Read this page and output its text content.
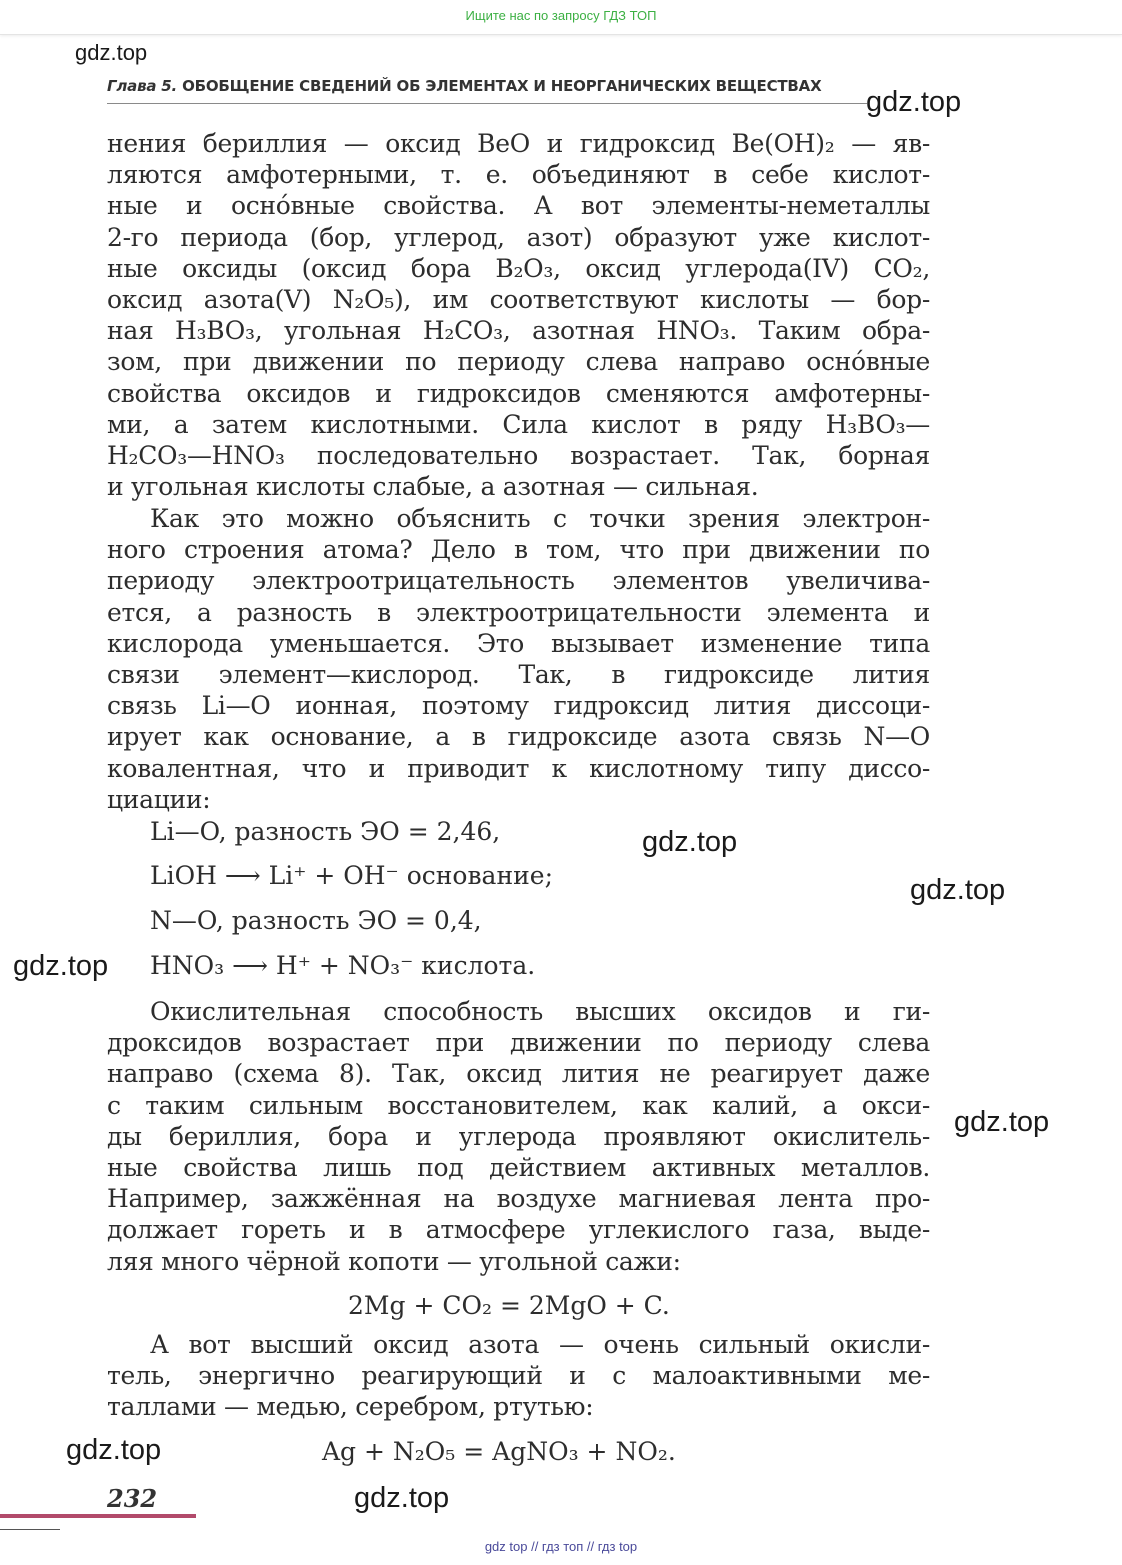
Ищите нас по запросу ГДЗ ТОП
Глава 5. ОБОБЩЕНИЕ СВЕДЕНИЙ ОБ ЭЛЕМЕНТАХ И НЕОРГАНИЧЕСКИХ ВЕЩЕСТВАХ
нения бериллия — оксид BeO и гидроксид Be(OH)₂ — яв-
ляются амфотерными, т. е. объединяют в себе кислот-
ные и оснóвные свойства. А вот элементы-неметаллы
2-го периода (бор, углерод, азот) образуют уже кислот-
ные оксиды (оксид бора B₂O₃, оксид углерода(IV) CO₂,
оксид азота(V) N₂O₅), им соответствуют кислоты — бор-
ная H₃BO₃, угольная H₂CO₃, азотная HNO₃. Таким обра-
зом, при движении по периоду слева направо оснóвные
свойства оксидов и гидроксидов сменяются амфотерны-
ми, а затем кислотными. Сила кислот в ряду H₃BO₃—
H₂CO₃—HNO₃ последовательно возрастает. Так, борная
и угольная кислоты слабые, а азотная — сильная.
Как это можно объяснить с точки зрения электрон-
ного строения атома? Дело в том, что при движении по
периоду электроотрицательность элементов увеличива-
ется, а разность в электроотрицательности элемента и
кислорода уменьшается. Это вызывает изменение типа
связи элемент—кислород. Так, в гидроксиде лития
связь Li—O ионная, поэтому гидроксид лития диссоци-
ирует как основание, а в гидроксиде азота связь N—O
ковалентная, что и приводит к кислотному типу диссо-
циации:
Li—O, разность ЭО = 2,46,
LiOH ⟶ Li⁺ + OH⁻ основание;
N—O, разность ЭО = 0,4,
HNO₃ ⟶ H⁺ + NO₃⁻ кислота.
Окислительная способность высших оксидов и ги-
дроксидов возрастает при движении по периоду слева
направо (схема 8). Так, оксид лития не реагирует даже
с таким сильным восстановителем, как калий, а окси-
ды бериллия, бора и углерода проявляют окислитель-
ные свойства лишь под действием активных металлов.
Например, зажжённая на воздухе магниевая лента про-
должает гореть и в атмосфере углекислого газа, выде-
ляя много чёрной копоти — угольной сажи:
2Mg + CO₂ = 2MgO + C.
А вот высший оксид азота — очень сильный окисли-
тель, энергично реагирующий и с малоактивными ме-
таллами — медью, серебром, ртутью:
Ag + N₂O₅ = AgNO₃ + NO₂.
232
gdz.top
gdz.top
gdz.top
gdz.top
gdz.top
gdz.top
gdz.top
gdz.top
gdz top // гдз топ // гдз top
